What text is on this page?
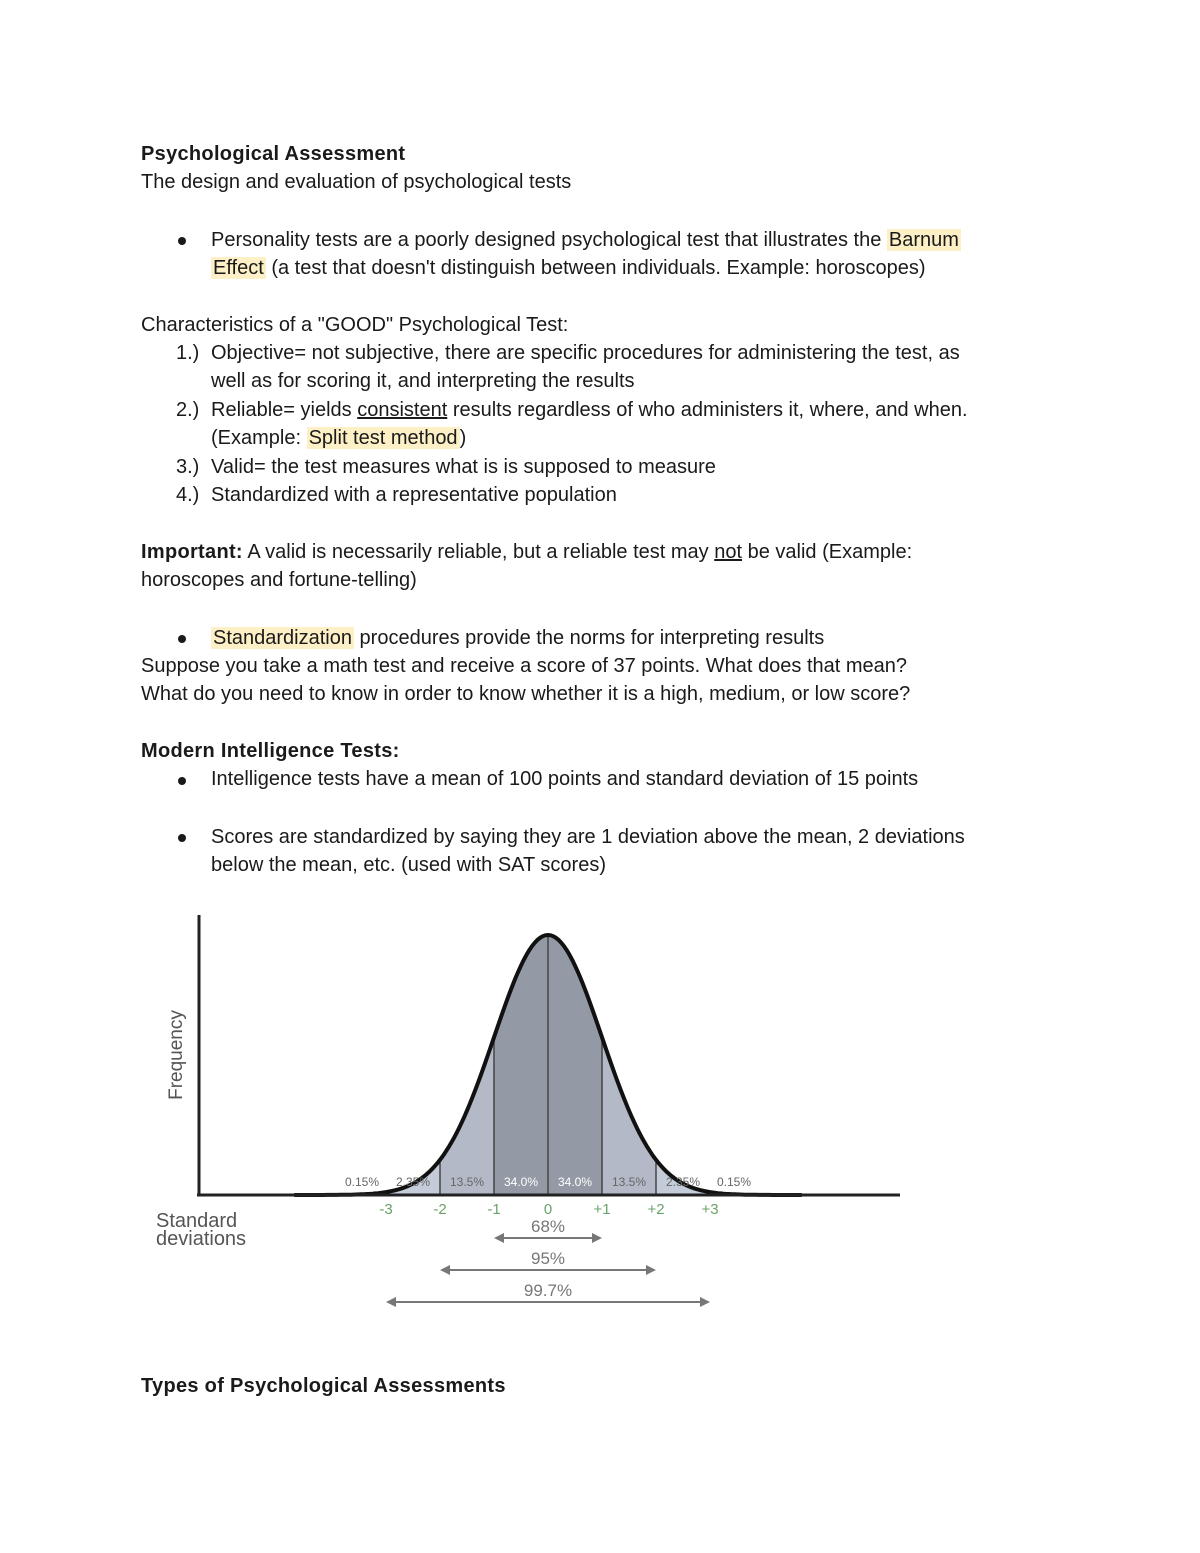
Psychological Assessment
The design and evaluation of psychological tests
Personality tests are a poorly designed psychological test that illustrates the Barnum
Effect (a test that doesn't distinguish between individuals. Example: horoscopes)
Characteristics of a "GOOD" Psychological Test:
1.) Objective= not subjective, there are specific procedures for administering the test, as
well as for scoring it, and interpreting the results
2.) Reliable= yields consistent results regardless of who administers it, where, and when.
(Example: Split test method )
3.) Valid= the test measures what is is supposed to measure
4.) Standardized with a representative population
Important: A valid is necessarily reliable, but a reliable test may not be valid (Example:
horoscopes and fortune-telling)
Standardization procedures provide the norms for interpreting results
Suppose you take a math test and receive a score of 37 points. What does that mean?
What do you need to know in order to know whether it is a high, medium, or low score?
Modern Intelligence Tests:
Intelligence tests have a mean of 100 points and standard deviation of 15 points
Scores are standardized by saying they are 1 deviation above the mean, 2 deviations
below the mean, etc. (used with SAT scores)
Frequency
Standard
deviations
0.15% 2.35% 13.5% 34.0% 34.0% 13.5% 2.35% 0.15%
-3	-2	-1	0	+1 +2 +3
68%
95%
99.7%
Types of Psychological Assessments
